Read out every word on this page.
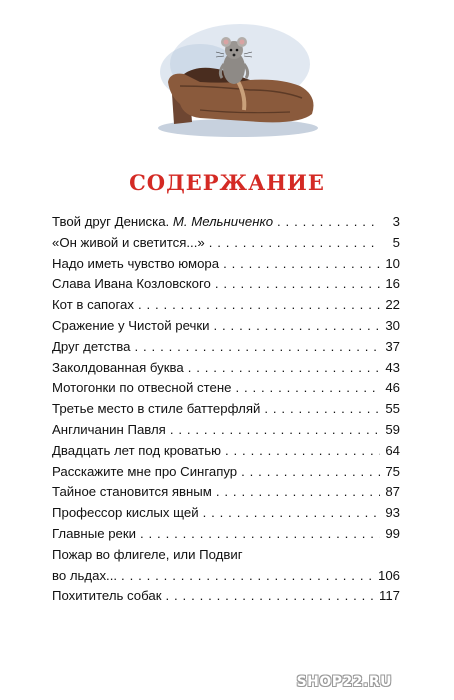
СОДЕРЖАНИЕ
Твой друг Дениска. М. Мельниченко . . .	3
«Он живой и светится...» . . .	5
Надо иметь чувство юмора . . .	10
Слава Ивана Козловского . . .	16
Кот в сапогах . . .	22
Сражение у Чистой речки . . .	30
Друг детства . . .	37
Заколдованная буква . . .	43
Мотогонки по отвесной стене . . .	46
Третье место в стиле баттерфляй . . .	55
Англичанин Павля . . .	59
Двадцать лет под кроватью . . .	64
Расскажите мне про Сингапур . . .	75
Тайное становится явным . . .	87
Профессор кислых щей . . .	93
Главные реки . . .	99
Пожар во флигеле, или Подвиг
во льдах... . . .	106
Похититель собак . . .	117
SHOP22.RU
